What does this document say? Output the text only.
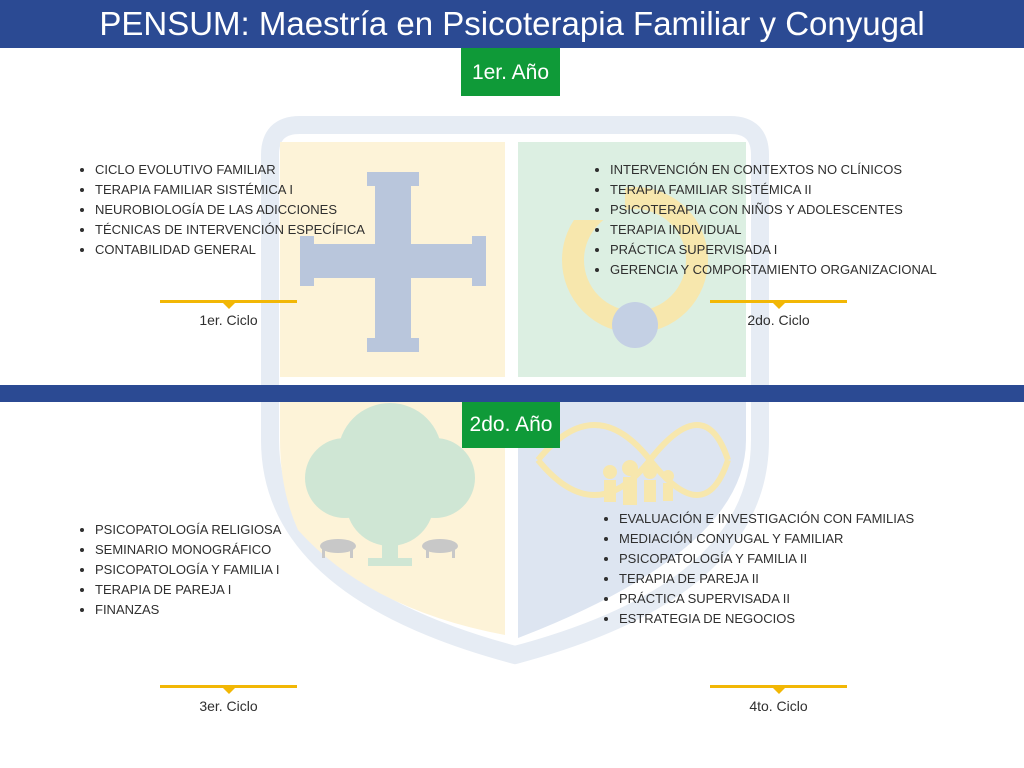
PENSUM: Maestría en Psicoterapia Familiar y Conyugal
1er. Año
2do. Año
• CICLO EVOLUTIVO FAMILIAR
• TERAPIA FAMILIAR SISTÉMICA I
• NEUROBIOLOGÍA DE LAS ADICCIONES
• TÉCNICAS DE INTERVENCIÓN ESPECÍFICA
• CONTABILIDAD GENERAL
• INTERVENCIÓN EN CONTEXTOS NO CLÍNICOS
• TERAPIA FAMILIAR SISTÉMICA II
• PSICOTERAPIA CON NIÑOS Y ADOLESCENTES
• TERAPIA INDIVIDUAL
• PRÁCTICA SUPERVISADA I
• GERENCIA Y COMPORTAMIENTO ORGANIZACIONAL
• PSICOPATOLOGÍA RELIGIOSA
• SEMINARIO MONOGRÁFICO
• PSICOPATOLOGÍA Y FAMILIA I
• TERAPIA DE PAREJA I
• FINANZAS
• EVALUACIÓN E INVESTIGACIÓN CON FAMILIAS
• MEDIACIÓN CONYUGAL Y FAMILIAR
• PSICOPATOLOGÍA Y FAMILIA II
• TERAPIA DE PAREJA II
• PRÁCTICA SUPERVISADA II
• ESTRATEGIA DE NEGOCIOS
1er. Ciclo	2do. Ciclo
3er. Ciclo	4to. Ciclo
